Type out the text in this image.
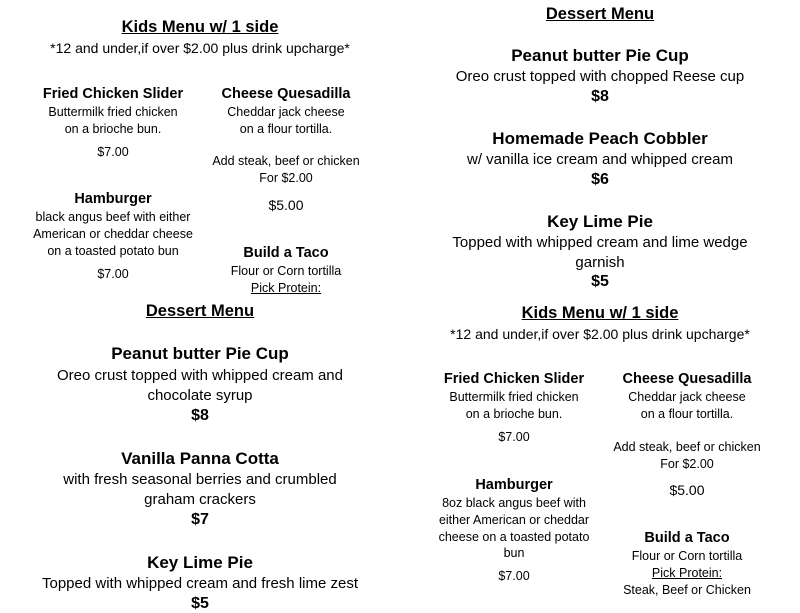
Kids Menu w/ 1 side
*12 and under,if over $2.00 plus drink upcharge*
Fried Chicken Slider
Buttermilk fried chicken
on a brioche bun.
$7.00
Cheese Quesadilla
Cheddar jack cheese
on a flour tortilla.
Add steak, beef or chicken
For $2.00
$5.00
Hamburger
black angus beef with either
American or cheddar cheese
on a toasted potato bun
$7.00
Build a Taco
Flour or Corn tortilla
Pick Protein:
Dessert Menu
Peanut butter Pie Cup
Oreo crust topped with whipped cream and
chocolate syrup
$8
Vanilla Panna Cotta
with fresh seasonal berries and crumbled
graham crackers
$7
Key Lime Pie
Topped with whipped cream and fresh lime zest
$5
Dessert Menu
Peanut butter Pie Cup
Oreo crust topped with chopped Reese cup
$8
Homemade Peach Cobbler
w/ vanilla ice cream and whipped cream
$6
Key Lime Pie
Topped with whipped cream and lime wedge
garnish
$5
Kids Menu w/ 1 side
*12 and under,if over $2.00 plus drink upcharge*
Fried Chicken Slider
Buttermilk fried chicken
on a brioche bun.
$7.00
Cheese Quesadilla
Cheddar jack cheese
on a flour tortilla.
Add steak, beef or chicken
For $2.00
$5.00
Hamburger
8oz black angus beef with
either American or cheddar
cheese on a toasted potato
bun
$7.00
Build a Taco
Flour or Corn tortilla
Pick Protein:
Steak, Beef or Chicken
